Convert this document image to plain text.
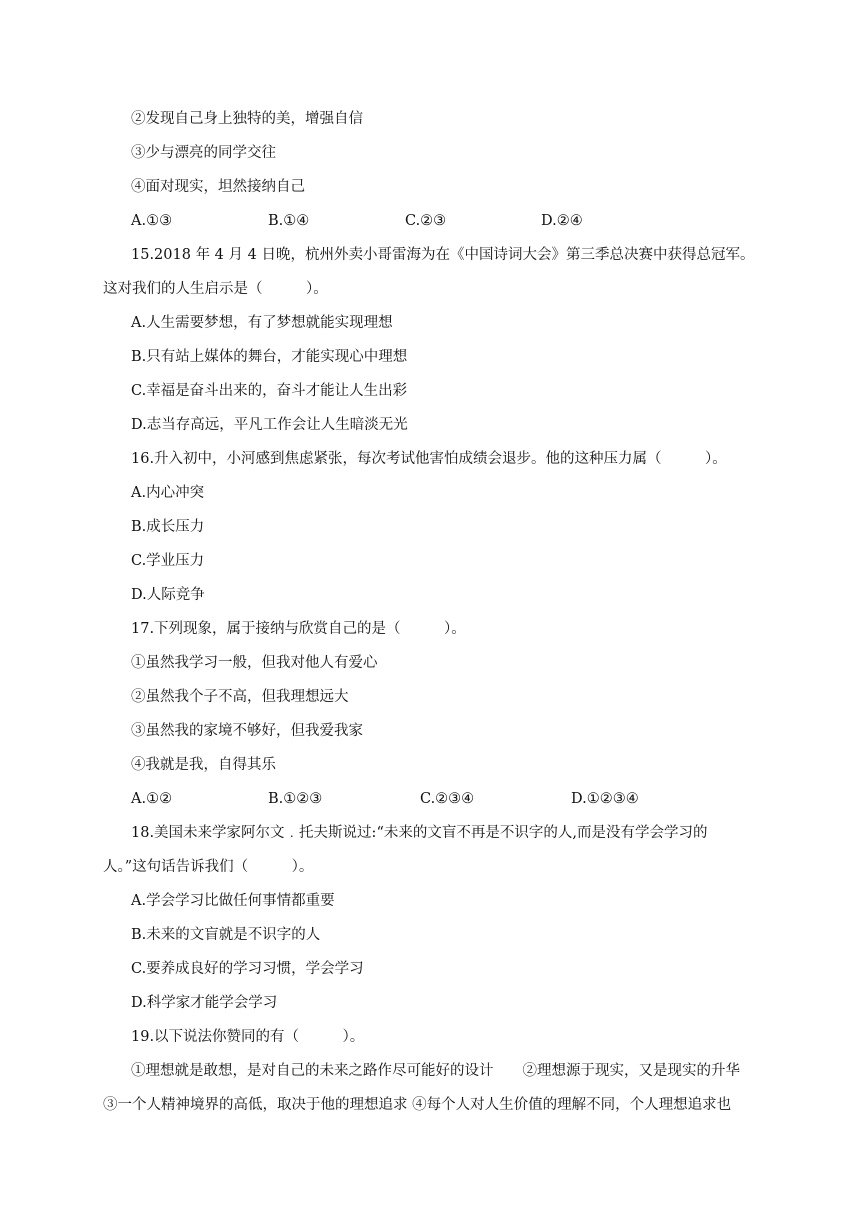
②发现自己身上独特的美，增强自信
③少与漂亮的同学交往
④面对现实，坦然接纳自己
A.①③	B.①④	C.②③	D.②④
15.2018 年 4 月 4 日晚，杭州外卖小哥雷海为在《中国诗词大会》第三季总决赛中获得总冠军。
这对我们的人生启示是（　　　）。
A.人生需要梦想，有了梦想就能实现理想
B.只有站上媒体的舞台，才能实现心中理想
C.幸福是奋斗出来的，奋斗才能让人生出彩
D.志当存高远，平凡工作会让人生暗淡无光
16.升入初中，小河感到焦虑紧张，每次考试他害怕成绩会退步。他的这种压力属（　　　）。
A.内心冲突
B.成长压力
C.学业压力
D.人际竞争
17.下列现象，属于接纳与欣赏自己的是（　　　）。
①虽然我学习一般，但我对他人有爱心
②虽然我个子不高，但我理想远大
③虽然我的家境不够好，但我爱我家
④我就是我，自得其乐
A.①②	B.①②③	C.②③④	D.①②③④
18.美国未来学家阿尔文﹒托夫斯说过:“未来的文盲不再是不识字的人,而是没有学会学习的
人。”这句话告诉我们（　　　）。
A.学会学习比做任何事情都重要
B.未来的文盲就是不识字的人
C.要养成良好的学习习惯，学会学习
D.科学家才能学会学习
19.以下说法你赞同的有（　　　）。
①理想就是敢想，是对自己的未来之路作尽可能好的设计　　②理想源于现实，又是现实的升华
③一个人精神境界的高低，取决于他的理想追求 ④每个人对人生价值的理解不同，个人理想追求也
